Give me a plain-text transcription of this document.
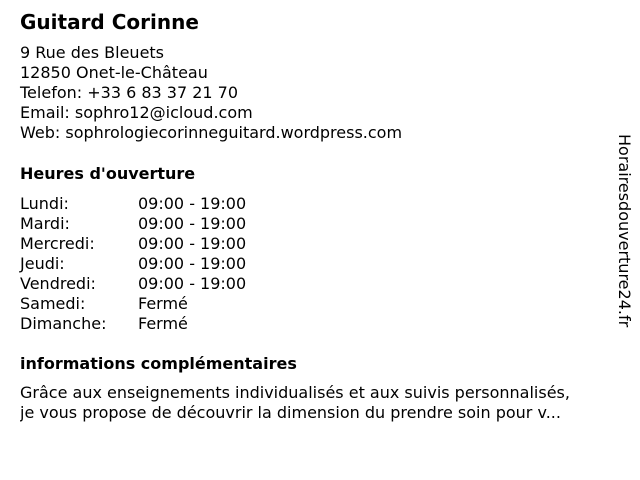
Guitard Corinne
9 Rue des Bleuets
12850 Onet-le-Château
Telefon: +33 6 83 37 21 70
Email: sophro12@icloud.com
Web: sophrologiecorinneguitard.wordpress.com
Heures d'ouverture
Lundi:	09:00 - 19:00
Mardi:	09:00 - 19:00
Mercredi:	09:00 - 19:00
Jeudi:	09:00 - 19:00
Vendredi:	09:00 - 19:00
Samedi:	Fermé
Dimanche:	Fermé
informations complémentaires
Grâce aux enseignements individualisés et aux suivis personnalisés,
je vous propose de découvrir la dimension du prendre soin pour v...
Horairesdouverture24.fr
